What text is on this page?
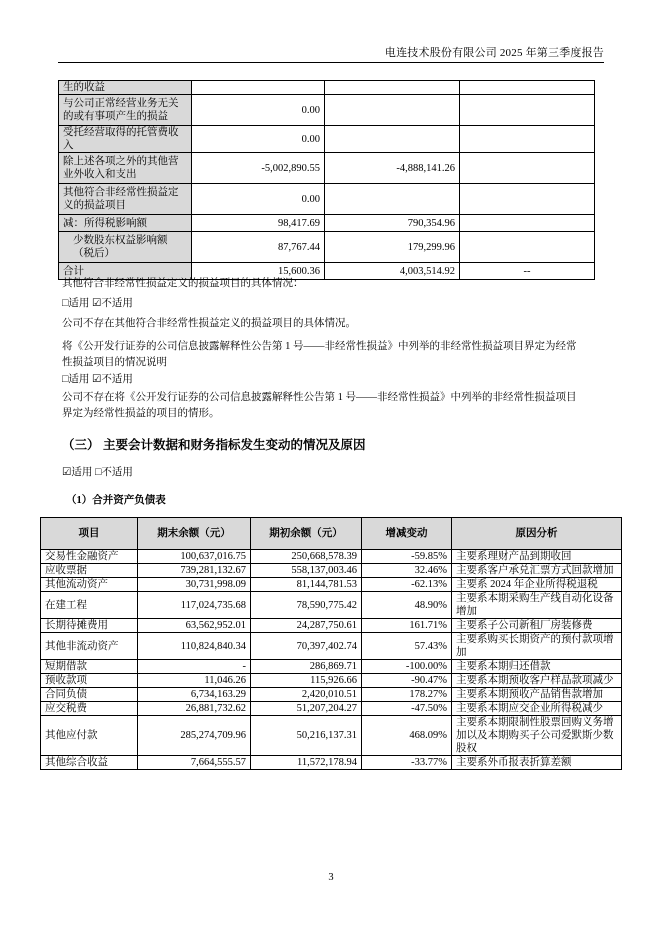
电连技术股份有限公司 2025 年第三季度报告
生的收益			
与公司正常经营业务无关的或有事项产生的损益	0.00		
受托经营取得的托管费收入	0.00		
除上述各项之外的其他营业外收入和支出	-5,002,890.55	-4,888,141.26	
其他符合非经常性损益定义的损益项目	0.00		
减：所得税影响额	98,417.69	790,354.96	
少数股东权益影响额（税后）	87,767.44	179,299.96	
合计	15,600.36	4,003,514.92	--
其他符合非经常性损益定义的损益项目的具体情况：
□适用 ☑不适用
公司不存在其他符合非经常性损益定义的损益项目的具体情况。
将《公开发行证券的公司信息披露解释性公告第 1 号——非经常性损益》中列举的非经常性损益项目界定为经常性损益项目的情况说明
□适用 ☑不适用
公司不存在将《公开发行证券的公司信息披露解释性公告第 1 号——非经常性损益》中列举的非经常性损益项目界定为经常性损益的项目的情形。
（三） 主要会计数据和财务指标发生变动的情况及原因
☑适用 □不适用
（1）合并资产负债表
项目	期末余额（元）	期初余额（元）	增减变动	原因分析
交易性金融资产	100,637,016.75	250,668,578.39	-59.85%	主要系理财产品到期收回
应收票据	739,281,132.67	558,137,003.46	32.46%	主要系客户承兑汇票方式回款增加
其他流动资产	30,731,998.09	81,144,781.53	-62.13%	主要系 2024 年企业所得税退税
在建工程	117,024,735.68	78,590,775.42	48.90%	主要系本期采购生产线自动化设备增加
长期待摊费用	63,562,952.01	24,287,750.61	161.71%	主要系子公司新租厂房装修费
其他非流动资产	110,824,840.34	70,397,402.74	57.43%	主要系购买长期资产的预付款项增加
短期借款	-	286,869.71	-100.00%	主要系本期归还借款
预收款项	11,046.26	115,926.66	-90.47%	主要系本期预收客户样品款项减少
合同负债	6,734,163.29	2,420,010.51	178.27%	主要系本期预收产品销售款增加
应交税费	26,881,732.62	51,207,204.27	-47.50%	主要系本期应交企业所得税减少
其他应付款	285,274,709.96	50,216,137.31	468.09%	主要系本期限制性股票回购义务增加以及本期购买子公司爱默斯少数股权
其他综合收益	7,664,555.57	11,572,178.94	-33.77%	主要系外币报表折算差额
3
